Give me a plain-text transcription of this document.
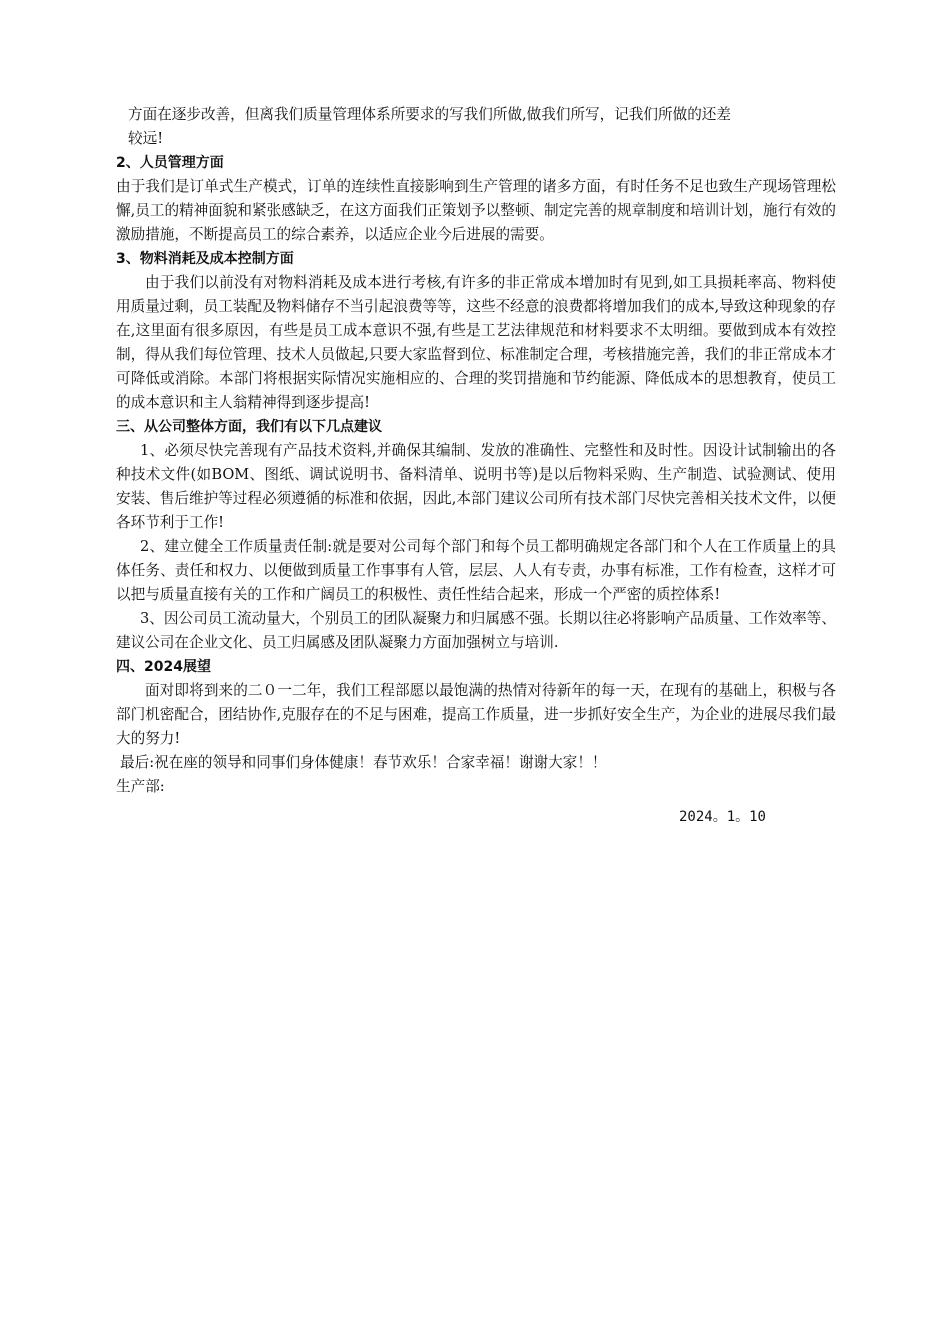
方面在逐步改善，但离我们质量管理体系所要求的写我们所做,做我们所写，记我们所做的还差

较远!

2、人员管理方面

由于我们是订单式生产模式，订单的连续性直接影响到生产管理的诸多方面，有时任务不足也致生产现场管理松懈,员工的精神面貌和紧张感缺乏，在这方面我们正策划予以整顿、制定完善的规章制度和培训计划，施行有效的激励措施，不断提高员工的综合素养，以适应企业今后进展的需要。

3、物料消耗及成本控制方面

由于我们以前没有对物料消耗及成本进行考核,有许多的非正常成本增加时有见到,如工具损耗率高、物料使用质量过剩，员工装配及物料储存不当引起浪费等等，这些不经意的浪费都将增加我们的成本,导致这种现象的存在,这里面有很多原因，有些是员工成本意识不强,有些是工艺法律规范和材料要求不太明细。要做到成本有效控制，得从我们每位管理、技术人员做起,只要大家监督到位、标准制定合理，考核措施完善，我们的非正常成本才可降低或消除。本部门将根据实际情况实施相应的、合理的奖罚措施和节约能源、降低成本的思想教育，使员工的成本意识和主人翁精神得到逐步提高!

三、从公司整体方面，我们有以下几点建议

1、必须尽快完善现有产品技术资料,并确保其编制、发放的准确性、完整性和及时性。因设计试制输出的各种技术文件(如BOM、图纸、调试说明书、备料清单、说明书等)是以后物料采购、生产制造、试验测试、使用安装、售后维护等过程必须遵循的标准和依据，因此,本部门建议公司所有技术部门尽快完善相关技术文件，以便各环节利于工作!

2、建立健全工作质量责任制:就是要对公司每个部门和每个员工都明确规定各部门和个人在工作质量上的具体任务、责任和权力、以便做到质量工作事事有人管，层层、人人有专责，办事有标准，工作有检查，这样才可以把与质量直接有关的工作和广阔员工的积极性、责任性结合起来，形成一个严密的质控体系!

3、因公司员工流动量大，个别员工的团队凝聚力和归属感不强。长期以往必将影响产品质量、工作效率等、建议公司在企业文化、员工归属感及团队凝聚力方面加强树立与培训.

四、2024展望

面对即将到来的二０一二年，我们工程部愿以最饱满的热情对待新年的每一天，在现有的基础上，积极与各部门机密配合，团结协作,克服存在的不足与困难，提高工作质量，进一步抓好安全生产，为企业的进展尽我们最大的努力!

最后:祝在座的领导和同事们身体健康！春节欢乐！合家幸福！谢谢大家！！

生产部:

2024。1。10
